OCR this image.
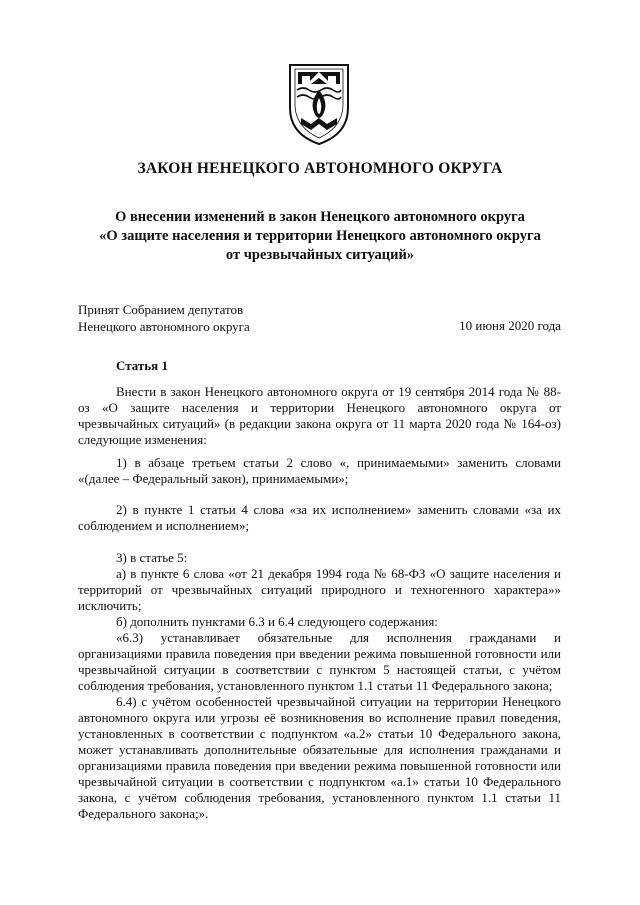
ЗАКОН НЕНЕЦКОГО АВТОНОМНОГО ОКРУГА
О внесении изменений в закон Ненецкого автономного округа
«О защите населения и территории Ненецкого автономного округа
от чрезвычайных ситуаций»
Принят Собранием депутатов
Ненецкого автономного округа	10 июня 2020 года
Статья 1

Внести в закон Ненецкого автономного округа от 19 сентября 2014 года № 88-оз «О защите населения и территории Ненецкого автономного округа от чрезвычайных ситуаций» (в редакции закона округа от 11 марта 2020 года № 164-оз) следующие изменения:

1) в абзаце третьем статьи 2 слово «, принимаемыми» заменить словами «(далее – Федеральный закон), принимаемыми»;

2) в пункте 1 статьи 4 слова «за их исполнением» заменить словами «за их соблюдением и исполнением»;

3) в статье 5:

а) в пункте 6 слова «от 21 декабря 1994 года № 68-ФЗ «О защите населения и территорий от чрезвычайных ситуаций природного и техногенного характера»» исключить;

б) дополнить пунктами 6.3 и 6.4 следующего содержания:

«6.3) устанавливает обязательные для исполнения гражданами и организациями правила поведения при введении режима повышенной готовности или чрезвычайной ситуации в соответствии с пунктом 5 настоящей статьи, с учётом соблюдения требования, установленного пунктом 1.1 статьи 11 Федерального закона;

6.4) с учётом особенностей чрезвычайной ситуации на территории Ненецкого автономного округа или угрозы её возникновения во исполнение правил поведения, установленных в соответствии с подпунктом «а.2» статьи 10 Федерального закона, может устанавливать дополнительные обязательные для исполнения гражданами и организациями правила поведения при введении режима повышенной готовности или чрезвычайной ситуации в соответствии с подпунктом «а.1» статьи 10 Федерального закона, с учётом соблюдения требования, установленного пунктом 1.1 статьи 11 Федерального закона;».
